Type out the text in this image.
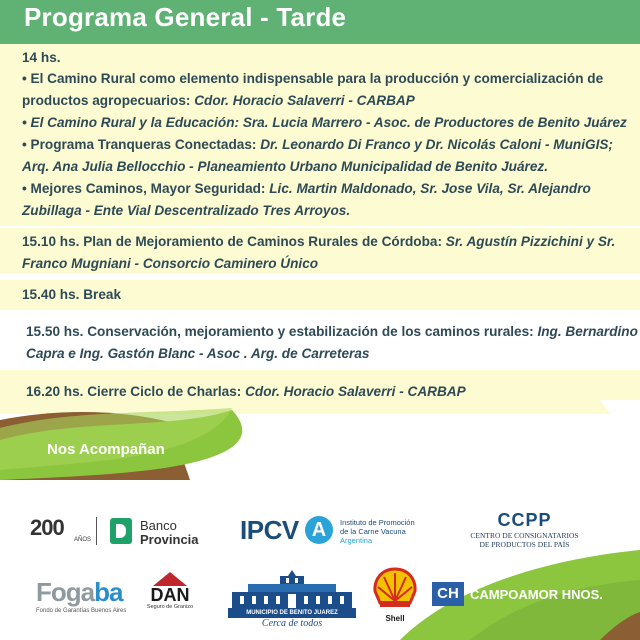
Programa General - Tarde
14 hs.
• El Camino Rural como elemento indispensable para la producción y comercialización de
productos agropecuarios: Cdor. Horacio Salaverri - CARBAP
• El Camino Rural y la Educación: Sra. Lucia Marrero - Asoc. de Productores de Benito Juárez
• Programa Tranqueras Conectadas: Dr. Leonardo Di Franco y Dr. Nicolás Caloni - MuniGIS;
Arq. Ana Julia Bellocchio - Planeamiento Urbano Municipalidad de Benito Juárez.
• Mejores Caminos, Mayor Seguridad: Lic. Martin Maldonado, Sr. Jose Vila, Sr. Alejandro
Zubillaga - Ente Vial Descentralizado Tres Arroyos.
15.10 hs. Plan de Mejoramiento de Caminos Rurales de Córdoba: Sr. Agustín Pizzichini y Sr.
Franco Mugniani - Consorcio Caminero Único
15.40 hs. Break
15.50 hs. Conservación, mejoramiento y estabilización de los caminos rurales: Ing. Bernardino
Capra e Ing. Gastón Blanc - Asoc . Arg. de Carreteras
16.20 hs. Cierre Ciclo de Charlas: Cdor. Horacio Salaverri - CARBAP
Nos Acompañan
200 AÑOS
Banco
Provincia IPCV A	Instituto de Promoción
de la Carne Vacuna
Argentina
CCPP
CENTRO DE CONSIGNATARIOS
DE PRODUCTOS DEL PAÍS
Fogaba
Fondo de Garantías Buenos Aires
DAN
Seguro de Granizo
MUNICIPIO DE BENITO JUAREZ
Cerca de todos	Shell
CH CAMPOAMOR HNOS.
